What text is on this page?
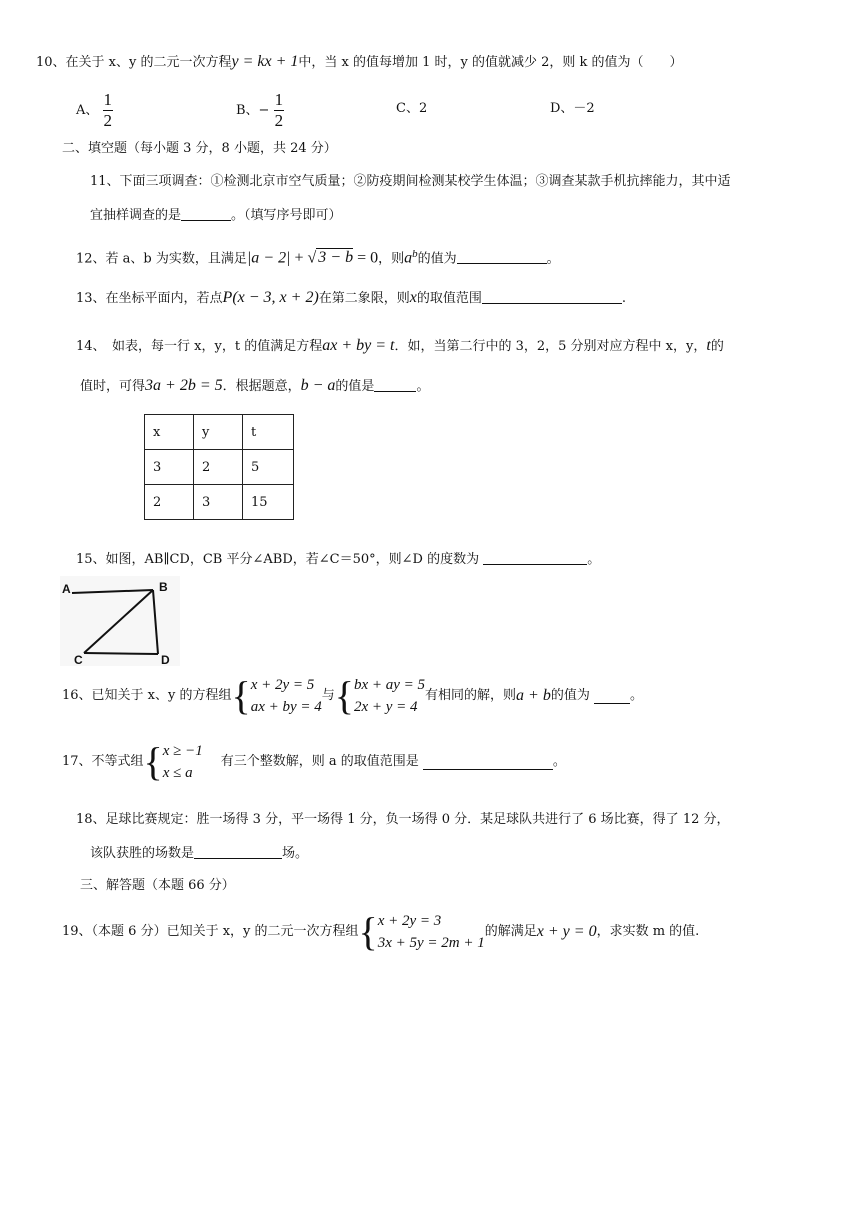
10、在关于 x、y 的二元一次方程y = kx + 1中，当 x 的值每增加 1 时，y 的值就减少 2，则 k 的值为（　　）
A、 $\frac{1}{2}$	B、− $\frac{1}{2}$	C、2	D、－2
二、填空题（每小题 3 分，8 小题，共 24 分）
11、下面三项调查：①检测北京市空气质量；②防疫期间检测某校学生体温；③调查某款手机抗摔能力，其中适
宜抽样调查的是	。（填写序号即可）
12、若 a、b 为实数，且满足|a − 2| + √ 3 − b = 0，则$a^b$的值为	。
13、在坐标平面内，若点P(x − 3, x + 2)在第二象限，则x的取值范围	.
14、　如表，每一行 x，y，t 的值满足方程ax + by = t．如，当第二行中的 3，2，5 分别对应方程中 x，y，t的
值时，可得3a + 2b = 5．根据题意，b − a的值是	。
x	y	t
3	2	5
2	3	15
15、如图，AB∥CD，CB 平分∠ABD，若∠C＝50°，则∠D 的度数为	。
A	B
C	D
16、已知关于 x、y 的方程组 { x + 2y = 5
ax + by = 4
与 { bx + ay = 5
2x + y = 4
有相同的解，则 a + b 的值为
	。
17、不等式组 { x ≥ −1
x ≤ a
有三个整数解，则 a 的取值范围是
	。
18、足球比赛规定：胜一场得 3 分，平一场得 1 分，负一场得 0 分．某足球队共进行了 6 场比赛，得了 12 分，
该队获胜的场数是	场。
三、解答题（本题 66 分）
19、（本题 6 分）已知关于 x，y 的二元一次方程组 { x + 2y = 3
3x + 5y = 2m + 1
的解满足 x + y = 0 ，求实数 m 的值.
